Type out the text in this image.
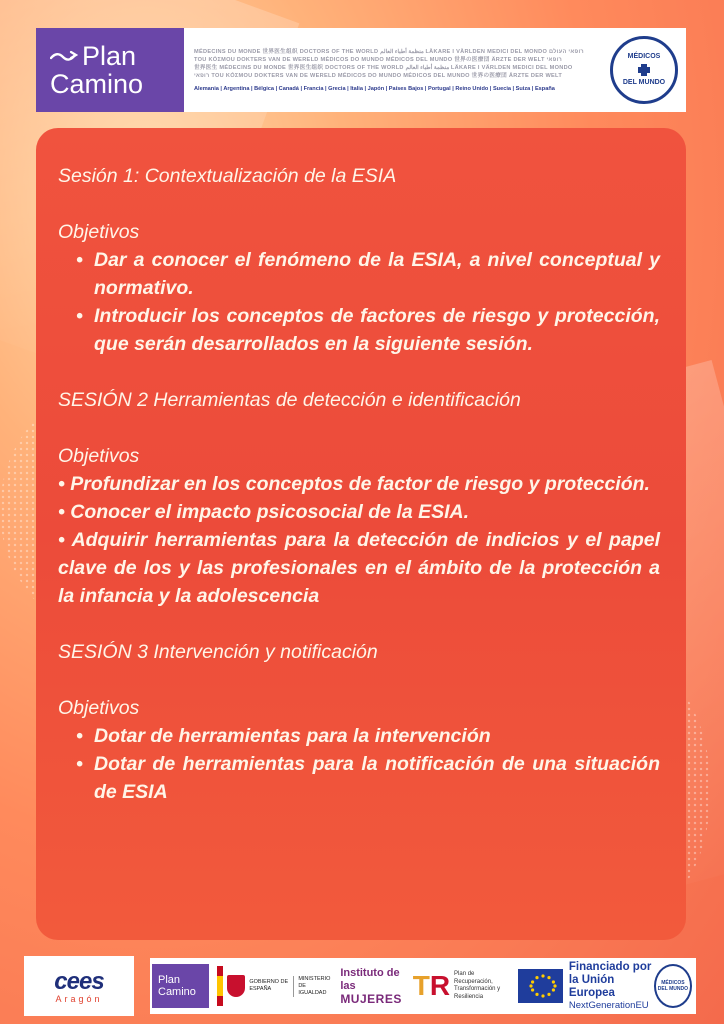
Plan
Camino
MÉDECINS DU MONDE 世界医生组织 DOCTORS OF THE WORLD منظمة أطباء العالم LÄKARE I VÄRLDEN MEDICI DEL MONDO רופאי העולם
TOU KÓΣMOU DOKTERS VAN DE WERELD MÉDICOS DO MUNDO MÉDICOS DEL MUNDO 世界の医療団 ÄRZTE DER WELT רופאי
世界医生 MÉDECINS DU MONDE 世界医生组织 DOCTORS OF THE WORLD منظمة أطباء العالم LÄKARE I VÄRLDEN MEDICI DEL MONDO
רופאי TOU KÓΣMOU DOKTERS VAN DE WERELD MÉDICOS DO MUNDO MÉDICOS DEL MUNDO 世界の医療団 ÄRZTE DER WELT
Alemania | Argentina | Bélgica | Canadá | Francia | Grecia | Italia | Japón | Países Bajos | Portugal | Reino Unido | Suecia | Suiza | España
MÉDICOS
DEL MUNDO

Sesión 1: Contextualización de la ESIA

Objetivos

• Dar a conocer el fenómeno de la ESIA, a nivel conceptual y normativo.
• Introducir los conceptos de factores de riesgo y protección, que serán desarrollados en la siguiente sesión.

SESIÓN 2 Herramientas de detección e identificación

Objetivos

• Profundizar en los conceptos de factor de riesgo y protección.

• Conocer el impacto psicosocial de la ESIA.

• Adquirir herramientas para la detección de indicios y el papel clave de los y las profesionales en el ámbito de la protección a la infancia y la adolescencia

SESIÓN 3 Intervención y notificación

Objetivos

• Dotar de herramientas para la intervención
• Dotar de herramientas para la notificación de una situación de ESIA
cees
Aragón
Plan
Camino
GOBIERNO DE ESPAÑA
MINISTERIO DE IGUALDAD
Instituto de las
MUJERES TR Plan de Recuperación, Transformación y Resiliencia
Financiado por
la Unión Europea
NextGenerationEU
MÉDICOS
DEL MUNDO
